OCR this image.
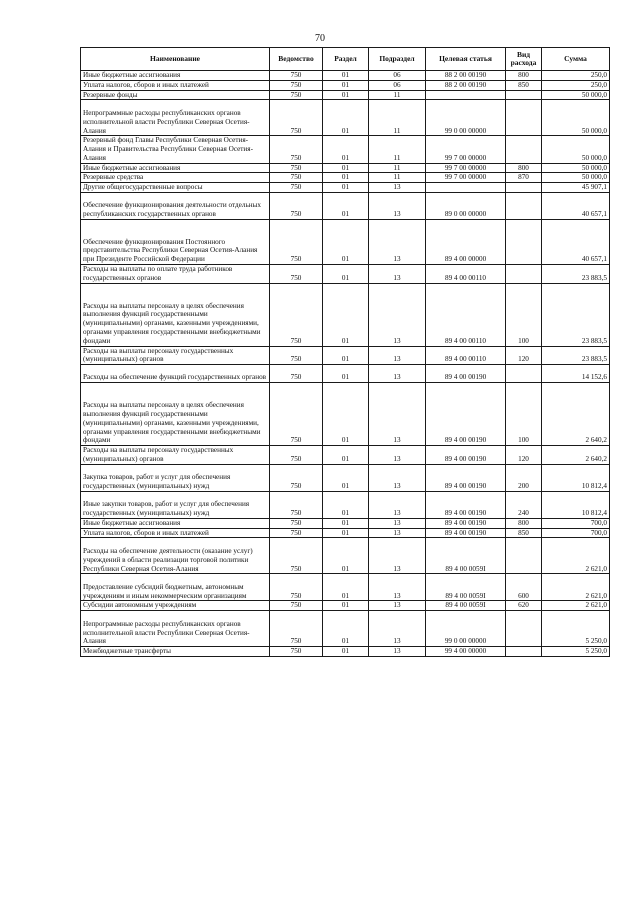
70
Наименование	Ведомство	Раздел	Подраздел	Целевая статья	Вид расхода	Сумма
Иные бюджетные ассигнования	750	01	06	88 2 00 00190	800	250,0
Уплата налогов, сборов и иных платежей	750	01	06	88 2 00 00190	850	250,0
Резервные фонды	750	01	11			50 000,0
Непрограммные расходы республиканских органов исполнительной власти Республики Северная Осетия-Алания	750	01	11	99 0 00 00000		50 000,0
Резервный фонд Главы Республики Северная Осетия-Алания и Правительства Республики Северная Осетия-Алания	750	01	11	99 7 00 00000		50 000,0
Иные бюджетные ассигнования	750	01	11	99 7 00 00000	800	50 000,0
Резервные средства	750	01	11	99 7 00 00000	870	50 000,0
Другие общегосударственные вопросы	750	01	13			45 907,1
Обеспечение функционирования деятельности отдельных республиканских государственных органов	750	01	13	89 0 00 00000		40 657,1
Обеспечение функционирования Постоянного представительства Республики Северная Осетия-Алания при Президенте Российской Федерации	750	01	13	89 4 00 00000		40 657,1
Расходы на выплаты по оплате труда работников государственных органов	750	01	13	89 4 00 00110		23 883,5
Расходы на выплаты персоналу в целях обеспечения выполнения функций государственными (муниципальными) органами, казенными учреждениями, органами управления государственными внебюджетными фондами	750	01	13	89 4 00 00110	100	23 883,5
Расходы на выплаты персоналу государственных (муниципальных) органов	750	01	13	89 4 00 00110	120	23 883,5
Расходы на обеспечение функций государственных органов	750	01	13	89 4 00 00190		14 152,6
Расходы на выплаты персоналу в целях обеспечения выполнения функций государственными (муниципальными) органами, казенными учреждениями, органами управления государственными внебюджетными фондами	750	01	13	89 4 00 00190	100	2 640,2
Расходы на выплаты персоналу государственных (муниципальных) органов	750	01	13	89 4 00 00190	120	2 640,2
Закупка товаров, работ и услуг для обеспечения государственных (муниципальных) нужд	750	01	13	89 4 00 00190	200	10 812,4
Иные закупки товаров, работ и услуг для обеспечения государственных (муниципальных) нужд	750	01	13	89 4 00 00190	240	10 812,4
Иные бюджетные ассигнования	750	01	13	89 4 00 00190	800	700,0
Уплата налогов, сборов и иных платежей	750	01	13	89 4 00 00190	850	700,0
Расходы на обеспечение деятельности (оказание услуг) учреждений в области реализации торговой политики Республики Северная Осетия-Алания	750	01	13	89 4 00 0059I		2 621,0
Предоставление субсидий бюджетным, автономным учреждениям и иным некоммерческим организациям	750	01	13	89 4 00 0059I	600	2 621,0
Субсидии автономным учреждениям	750	01	13	89 4 00 0059I	620	2 621,0
Непрограммные расходы республиканских органов исполнительной власти Республики Северная Осетия-Алания	750	01	13	99 0 00 00000		5 250,0
Межбюджетные трансферты	750	01	13	99 4 00 00000		5 250,0
